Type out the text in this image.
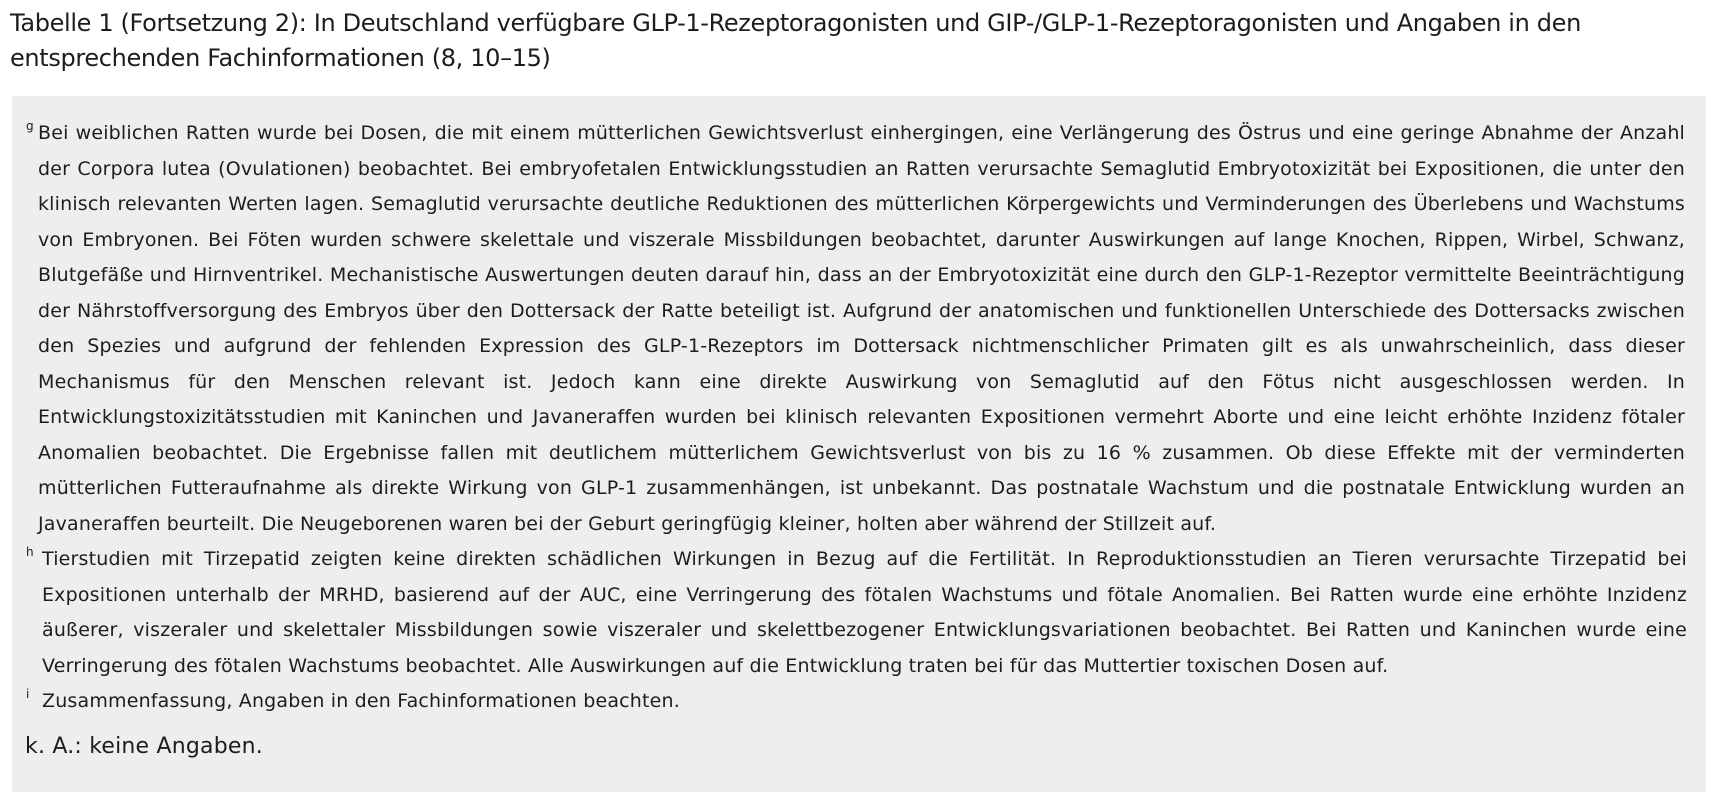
Tabelle 1 (Fortsetzung 2): In Deutschland verfügbare GLP-1-Rezeptoragonisten und GIP-/GLP-1-Rezeptoragonisten und Angaben in den entsprechenden Fachinformationen (8, 10–15)
g Bei weiblichen Ratten wurde bei Dosen, die mit einem mütterlichen Gewichtsverlust einhergingen, eine Verlängerung des Östrus und eine geringe Abnahme der Anzahl der Corpora lutea (Ovulationen) beobachtet. Bei embryofetalen Entwicklungsstudien an Ratten verursachte Semaglutid Embryotoxizität bei Expositionen, die unter den klinisch relevanten Werten lagen. Semaglutid verursachte deutliche Reduktionen des mütterlichen Körpergewichts und Verminderungen des Überlebens und Wachstums von Embryonen. Bei Föten wurden schwere skelettale und viszerale Missbildungen beobachtet, darunter Auswirkungen auf lange Knochen, Rippen, Wirbel, Schwanz, Blutgefäße und Hirnventrikel. Mechanistische Auswertungen deuten darauf hin, dass an der Embryotoxizität eine durch den GLP-1-Rezeptor vermittelte Beeinträchtigung der Nährstoffversorgung des Embryos über den Dottersack der Ratte beteiligt ist. Aufgrund der anatomischen und funktionellen Unterschiede des Dottersacks zwischen den Spezies und aufgrund der fehlenden Expression des GLP-1-Rezeptors im Dottersack nichtmenschlicher Primaten gilt es als unwahrscheinlich, dass dieser Mechanismus für den Menschen relevant ist. Jedoch kann eine direkte Auswirkung von Semaglutid auf den Fötus nicht ausgeschlossen werden. In Entwicklungstoxizitätsstudien mit Kaninchen und Javaneraffen wurden bei klinisch relevanten Expositionen vermehrt Aborte und eine leicht erhöhte Inzidenz fötaler Anomalien beobachtet. Die Ergebnisse fallen mit deutlichem mütterlichem Gewichtsverlust von bis zu 16 % zusammen. Ob diese Effekte mit der verminderten mütterlichen Futteraufnahme als direkte Wirkung von GLP-1 zusammenhängen, ist unbekannt. Das postnatale Wachstum und die postnatale Entwicklung wurden an Javaneraffen beurteilt. Die Neugeborenen waren bei der Geburt geringfügig kleiner, holten aber während der Stillzeit auf.
h Tierstudien mit Tirzepatid zeigten keine direkten schädlichen Wirkungen in Bezug auf die Fertilität. In Reproduktionsstudien an Tieren verursachte Tirzepatid bei Expositionen unterhalb der MRHD, basierend auf der AUC, eine Verringerung des fötalen Wachstums und fötale Anomalien. Bei Ratten wurde eine erhöhte Inzidenz äußerer, viszeraler und skelettaler Missbildungen sowie viszeraler und skelettbezogener Entwicklungsvariationen beobachtet. Bei Ratten und Kaninchen wurde eine Verringerung des fötalen Wachstums beobachtet. Alle Auswirkungen auf die Entwicklung traten bei für das Muttertier toxischen Dosen auf.
i Zusammenfassung, Angaben in den Fachinformationen beachten.
k. A.: keine Angaben.
